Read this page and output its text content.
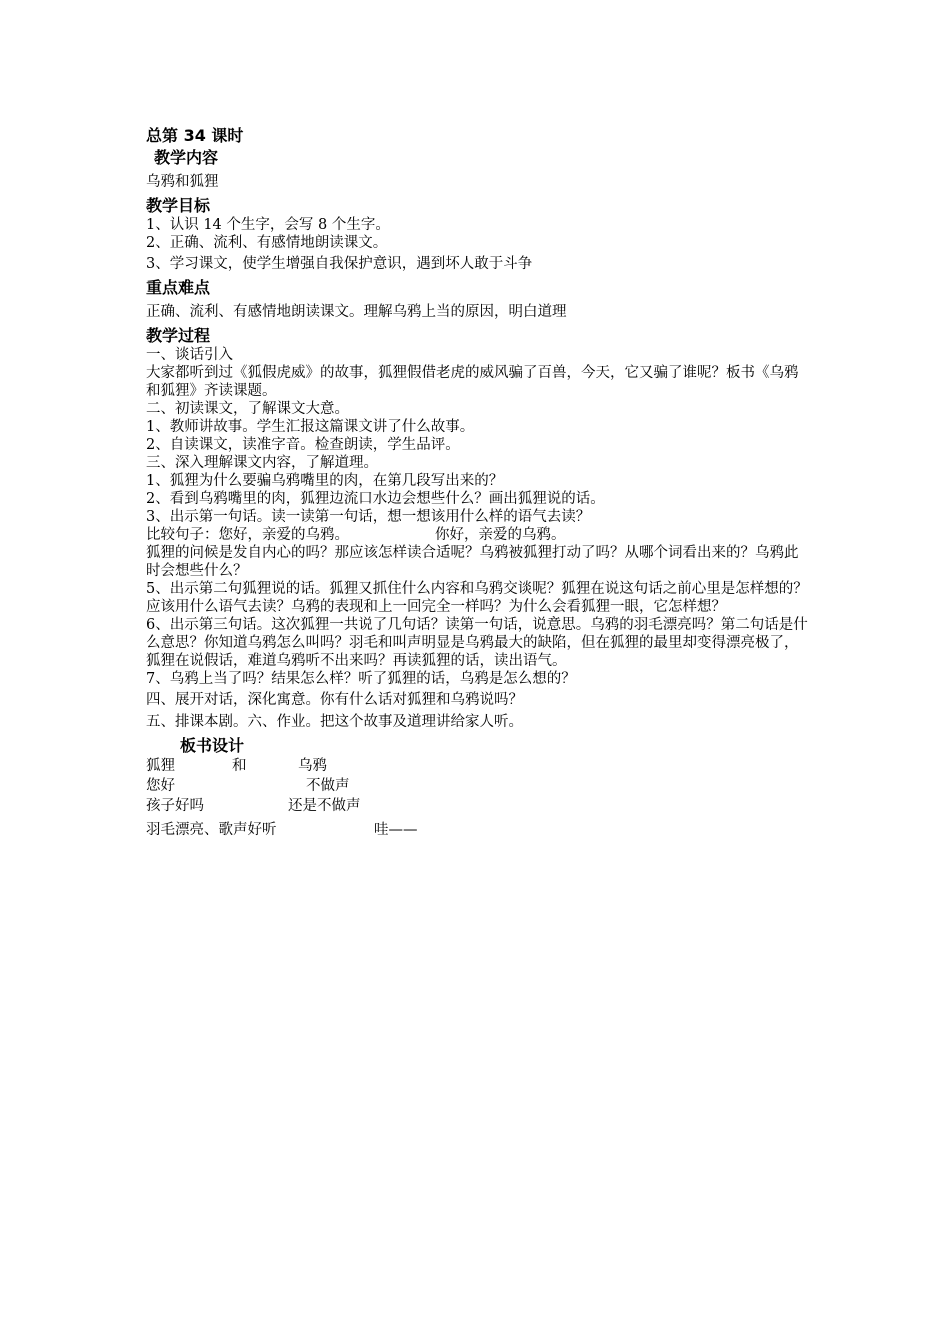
总第 34 课时

教学内容

乌鸦和狐狸

教学目标

1、认识 14 个生字，会写 8 个生字。

2、正确、流利、有感情地朗读课文。

3、学习课文，使学生增强自我保护意识，遇到坏人敢于斗争

重点难点

正确、流利、有感情地朗读课文。理解乌鸦上当的原因，明白道理

教学过程

一、谈话引入

大家都听到过《狐假虎威》的故事，狐狸假借老虎的威风骗了百兽，今天，它又骗了谁呢？板书《乌鸦和狐狸》齐读课题。

二、初读课文，了解课文大意。

1、教师讲故事。学生汇报这篇课文讲了什么故事。

2、自读课文，读准字音。检查朗读，学生品评。

三、深入理解课文内容，了解道理。

1、狐狸为什么要骗乌鸦嘴里的肉，在第几段写出来的？

2、看到乌鸦嘴里的肉，狐狸边流口水边会想些什么？画出狐狸说的话。

3、出示第一句话。读一读第一句话，想一想该用什么样的语气去读？

比较句子：您好，亲爱的乌鸦。	你好，亲爱的乌鸦。

狐狸的问候是发自内心的吗？那应该怎样读合适呢？乌鸦被狐狸打动了吗？从哪个词看出来的？乌鸦此时会想些什么？

5、出示第二句狐狸说的话。狐狸又抓住什么内容和乌鸦交谈呢？狐狸在说这句话之前心里是怎样想的？应该用什么语气去读？乌鸦的表现和上一回完全一样吗？为什么会看狐狸一眼，它怎样想？

6、出示第三句话。这次狐狸一共说了几句话？读第一句话，说意思。乌鸦的羽毛漂亮吗？第二句话是什么意思？你知道乌鸦怎么叫吗？羽毛和叫声明显是乌鸦最大的缺陷，但在狐狸的最里却变得漂亮极了，狐狸在说假话，难道乌鸦听不出来吗？再读狐狸的话，读出语气。

7、乌鸦上当了吗？结果怎么样？听了狐狸的话，乌鸦是怎么想的？

四、展开对话，深化寓意。你有什么话对狐狸和乌鸦说吗？

五、排课本剧。六、作业。把这个故事及道理讲给家人听。

板书设计

狐狸	和	乌鸦
您好	不做声
孩子好吗	还是不做声
羽毛漂亮、歌声好听	哇——
